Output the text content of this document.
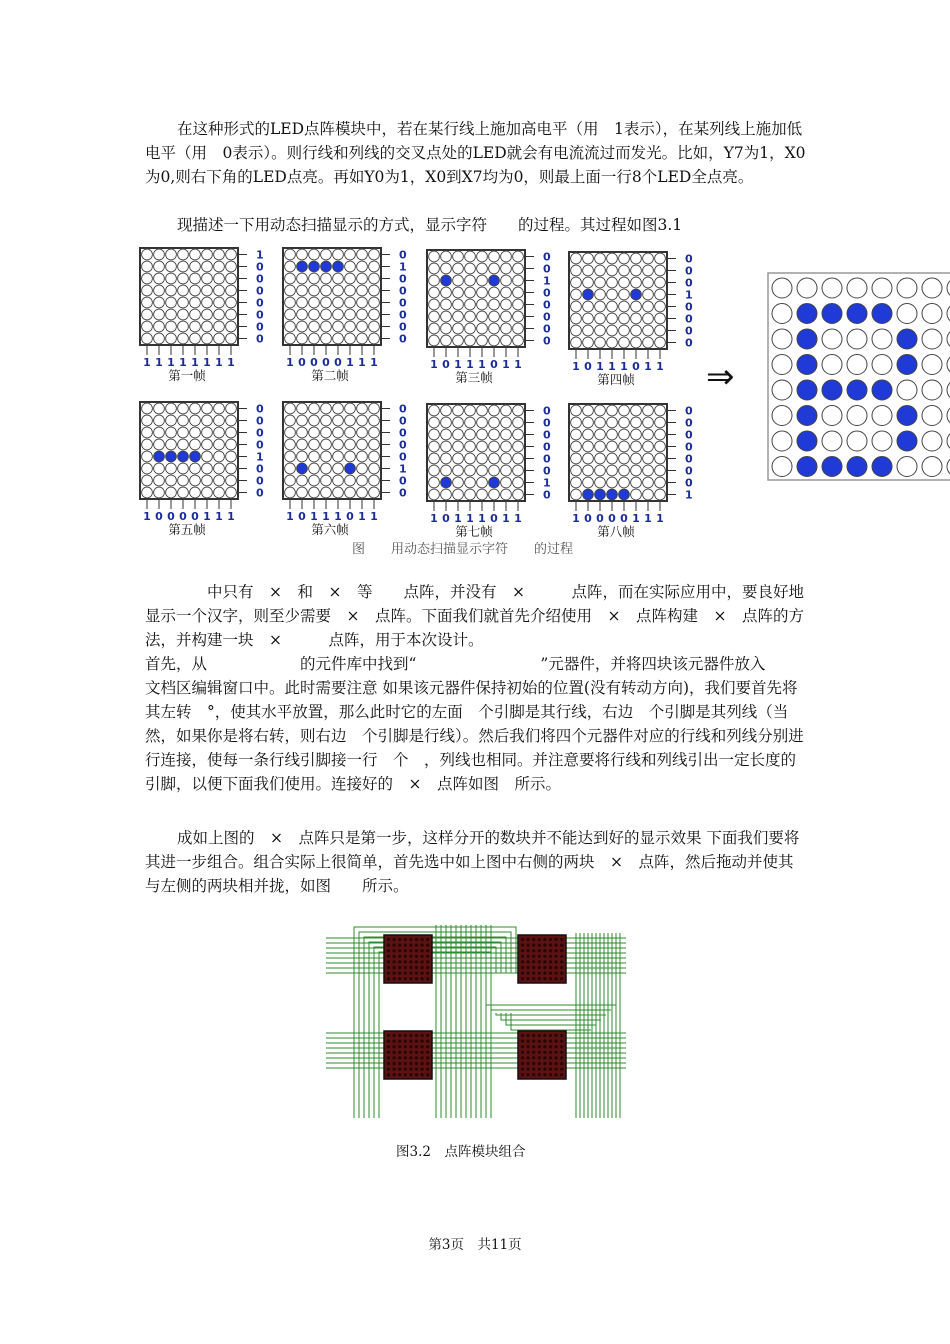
在这种形式的LED点阵模块中，若在某行线上施加高电平（用　1表示），在某列线上施加低电平（用　0表示）。则行线和列线的交叉点处的LED就会有电流流过而发光。比如，Y7为1，X0为0,则右下角的LED点亮。再如Y0为1，X0到X7均为0，则最上面一行8个LED全点亮。

现描述一下用动态扫描显示的方式，显示字符　　的过程。其过程如图3.1

1
0
0
0
0
0
0
0
1 1 1 1 1 1 1 1
第一帧
0
1
0
0
0
0
0
0
1 0 0 0 0 1 1 1
第二帧
0
0
1
0
0
0
0
0
1 0 1 1 1 0 1 1
第三帧
0
0
0
1
0
0
0
0
1 0 1 1 1 0 1 1
第四帧
0
0
0
0
1
0
0
0
1 0 0 0 0 1 1 1
第五帧
0
0
0
0
0
1
0
0
1 0 1 1 1 0 1 1
第六帧
0
0
0
0
0
0
1
0
1 0 1 1 1 0 1 1
第七帧
0
0
0
0
0
0
0
1
1 0 0 0 0 1 1 1
第八帧
⇒
图　　用动态扫描显示字符　　的过程

　　　　中只有　×　和　×　等　　点阵，并没有　×　　　点阵，而在实际应用中，要良好地显示一个汉字，则至少需要　×　点阵。下面我们就首先介绍使用　×　点阵构建　×　点阵的方法，并构建一块　×　　　点阵，用于本次设计。

首先，从　　　　　　的元件库中找到“　　　　　　　　”元器件，并将四块该元器件放入　　　文档区编辑窗口中。此时需要注意 如果该元器件保持初始的位置(没有转动方向)，我们要首先将其左转　°，使其水平放置，那么此时它的左面　个引脚是其行线，右边　个引脚是其列线（当然，如果你是将右转，则右边　个引脚是行线）。然后我们将四个元器件对应的行线和列线分别进行连接，使每一条行线引脚接一行　个　，列线也相同。并注意要将行线和列线引出一定长度的引脚，以便下面我们使用。连接好的　×　点阵如图　所示。

成如上图的　×　点阵只是第一步，这样分开的数块并不能达到好的显示效果 下面我们要将其进一步组合。组合实际上很简单，首先选中如上图中右侧的两块　×　点阵，然后拖动并使其与左侧的两块相并拢，如图　　所示。

图3.2　点阵模块组合
第3页　共11页
